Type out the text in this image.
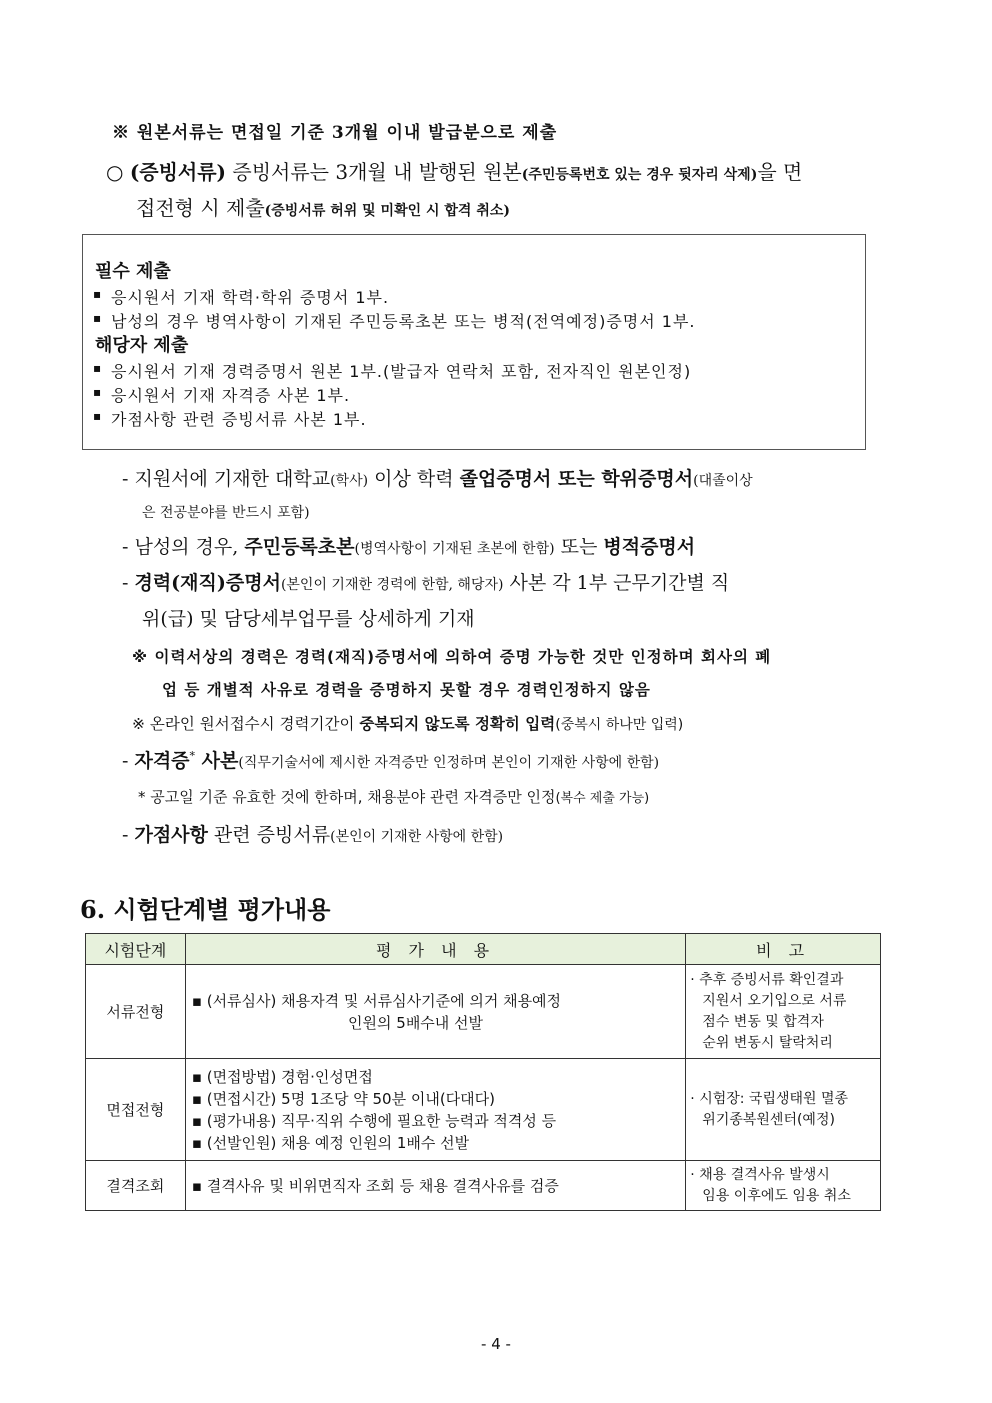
※ 원본서류는 면접일 기준 3개월 이내 발급분으로 제출
○ (증빙서류) 증빙서류는 3개월 내 발행된 원본(주민등록번호 있는 경우 뒷자리 삭제)을 면
접전형 시 제출(증빙서류 허위 및 미확인 시 합격 취소)
필수 제출
▪ 응시원서 기재 학력·학위 증명서 1부.
▪ 남성의 경우 병역사항이 기재된 주민등록초본 또는 병적(전역예정)증명서 1부.
해당자 제출
▪ 응시원서 기재 경력증명서 원본 1부.(발급자 연락처 포함, 전자직인 원본인정)
▪ 응시원서 기재 자격증 사본 1부.
▪ 가점사항 관련 증빙서류 사본 1부.
- 지원서에 기재한 대학교(학사) 이상 학력 졸업증명서 또는 학위증명서(대졸이상
은 전공분야를 반드시 포함)
- 남성의 경우, 주민등록초본(병역사항이 기재된 초본에 한함) 또는 병적증명서
- 경력(재직)증명서(본인이 기재한 경력에 한함, 해당자) 사본 각 1부 근무기간별 직
위(급) 및 담당세부업무를 상세하게 기재
※ 이력서상의 경력은 경력(재직)증명서에 의하여 증명 가능한 것만 인정하며 회사의 폐
업 등 개별적 사유로 경력을 증명하지 못할 경우 경력인정하지 않음
※ 온라인 원서접수시 경력기간이 중복되지 않도록 정확히 입력(중복시 하나만 입력)
- 자격증* 사본(직무기술서에 제시한 자격증만 인정하며 본인이 기재한 사항에 한함)
* 공고일 기준 유효한 것에 한하며, 채용분야 관련 자격증만 인정(복수 제출 가능)
- 가점사항 관련 증빙서류(본인이 기재한 사항에 한함)
6. 시험단계별 평가내용
시험단계	평 가 내 용	비 고
서류전형	▪ (서류심사) 채용자격 및 서류심사기준에 의거 채용예정
인원의 5배수내 선발	· 추후 증빙서류 확인결과
지원서 오기입으로 서류
점수 변동 및 합격자
순위 변동시 탈락처리

면접전형	▪ (면접방법) 경험·인성면접
▪ (면접시간) 5명 1조당 약 50분 이내(다대다)
▪ (평가내용) 직무·직위 수행에 필요한 능력과 적격성 등
▪ (선발인원) 채용 예정 인원의 1배수 선발	· 시험장: 국립생태원 멸종
위기종복원센터(예정)

결격조회	▪ 결격사유 및 비위면직자 조회 등 채용 결격사유를 검증	· 채용 결격사유 발생시
임용 이후에도 임용 취소
- 4 -
